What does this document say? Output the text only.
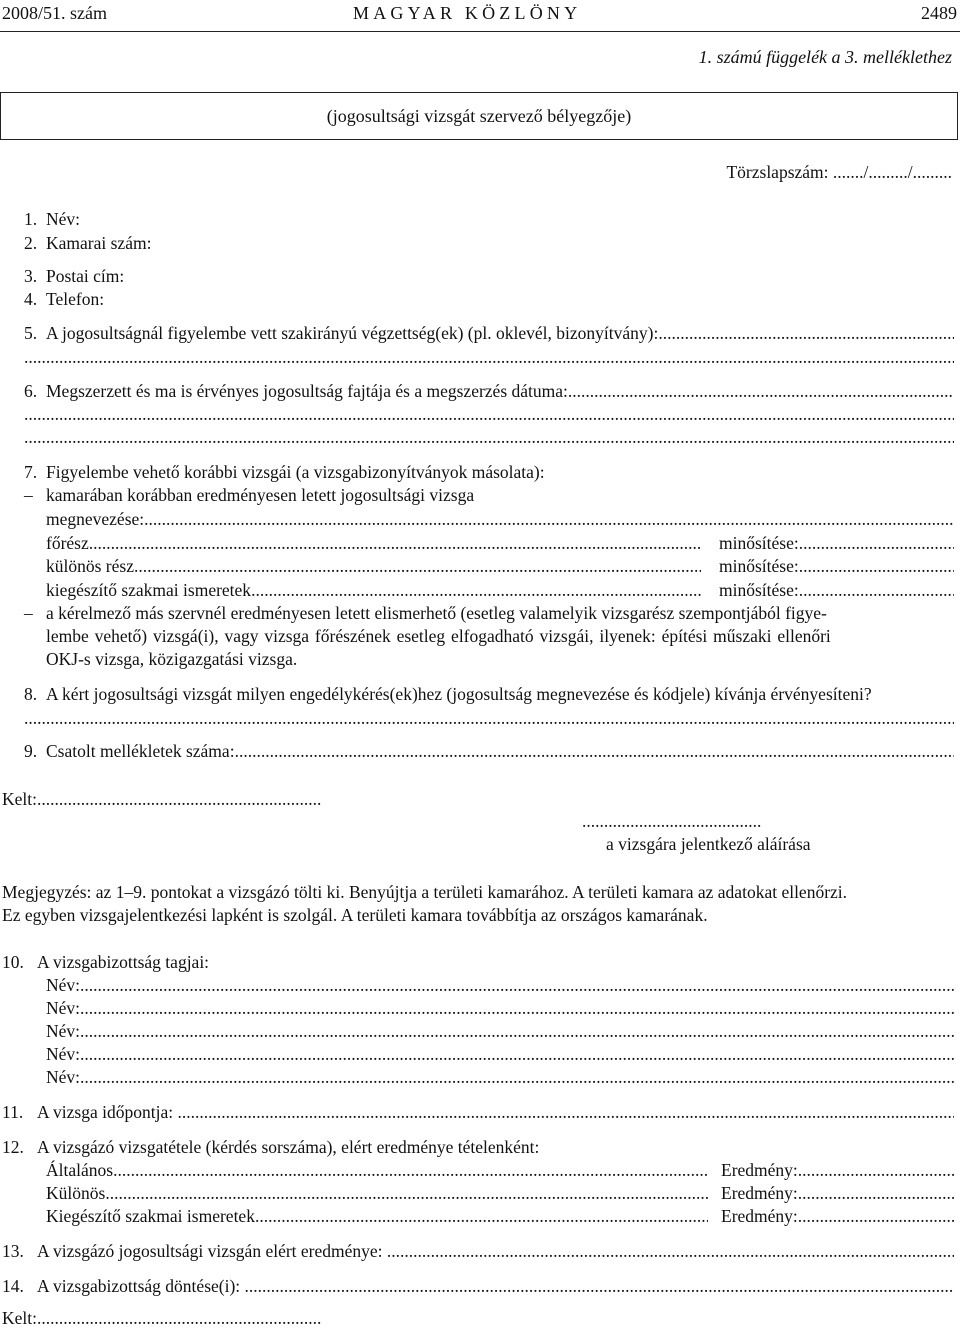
2008/51. szám	MAGYAR KÖZLÖNY	2489
1. számú függelék a 3. melléklethez
(jogosultsági vizsgát szervező bélyegzője)
Törzslapszám: ......./........./.........
1. Név:
2. Kamarai szám:
3. Postai cím:
4. Telefon:
5. A jogosultságnál figyelembe vett szakirányú végzettség(ek) (pl. oklevél, bizonyítvány):
.....
.....
6. Megszerzett és ma is érvényes jogosultság fajtája és a megszerzés dátuma:
.....
.....
.....
7. Figyelembe vehető korábbi vizsgái (a vizsgabizonyítványok másolata):
– kamarában korábban eredményesen letett jogosultsági vizsga
megnevezése:
.....
főrész .....	minősítése:
.....
különös rész .....	minősítése:
.....
kiegészítő szakmai ismeretek .....	minősítése:
.....
– a kérelmező más szervnél eredményesen letett elismerhető (esetleg valamelyik vizsgarész szempontjából figye-
lembe vehető) vizsgá(i), vagy vizsga főrészének esetleg elfogadható vizsgái, ilyenek: építési műszaki ellenőri
OKJ-s vizsga, közigazgatási vizsga.
8. A kért jogosultsági vizsgát milyen engedélykérés(ek)hez (jogosultság megnevezése és kódjele) kívánja érvényesíteni?
.....
9. Csatolt mellékletek száma:
.....
Kelt:
.....
.........................................
a vizsgára jelentkező aláírása
Megjegyzés: az 1–9. pontokat a vizsgázó tölti ki. Benyújtja a területi kamarához. A területi kamara az adatokat ellenőrzi.
Ez egyben vizsgajelentkezési lapként is szolgál. A területi kamara továbbítja az országos kamarának.
10. A vizsgabizottság tagjai:
Név:
.....
Név:
.....
Név:
.....
Név:
.....
Név:
.....
11. A vizsga időpontja:
.....
12. A vizsgázó vizsgatétele (kérdés sorszáma), elért eredménye tételenként:
Általános .....	Eredmény:
.....
Különös .....	Eredmény:
.....
Kiegészítő szakmai ismeretek .....	Eredmény:
.....
13. A vizsgázó jogosultsági vizsgán elért eredménye:
.....
14. A vizsgabizottság döntése(i):
.....
Kelt:
.....
